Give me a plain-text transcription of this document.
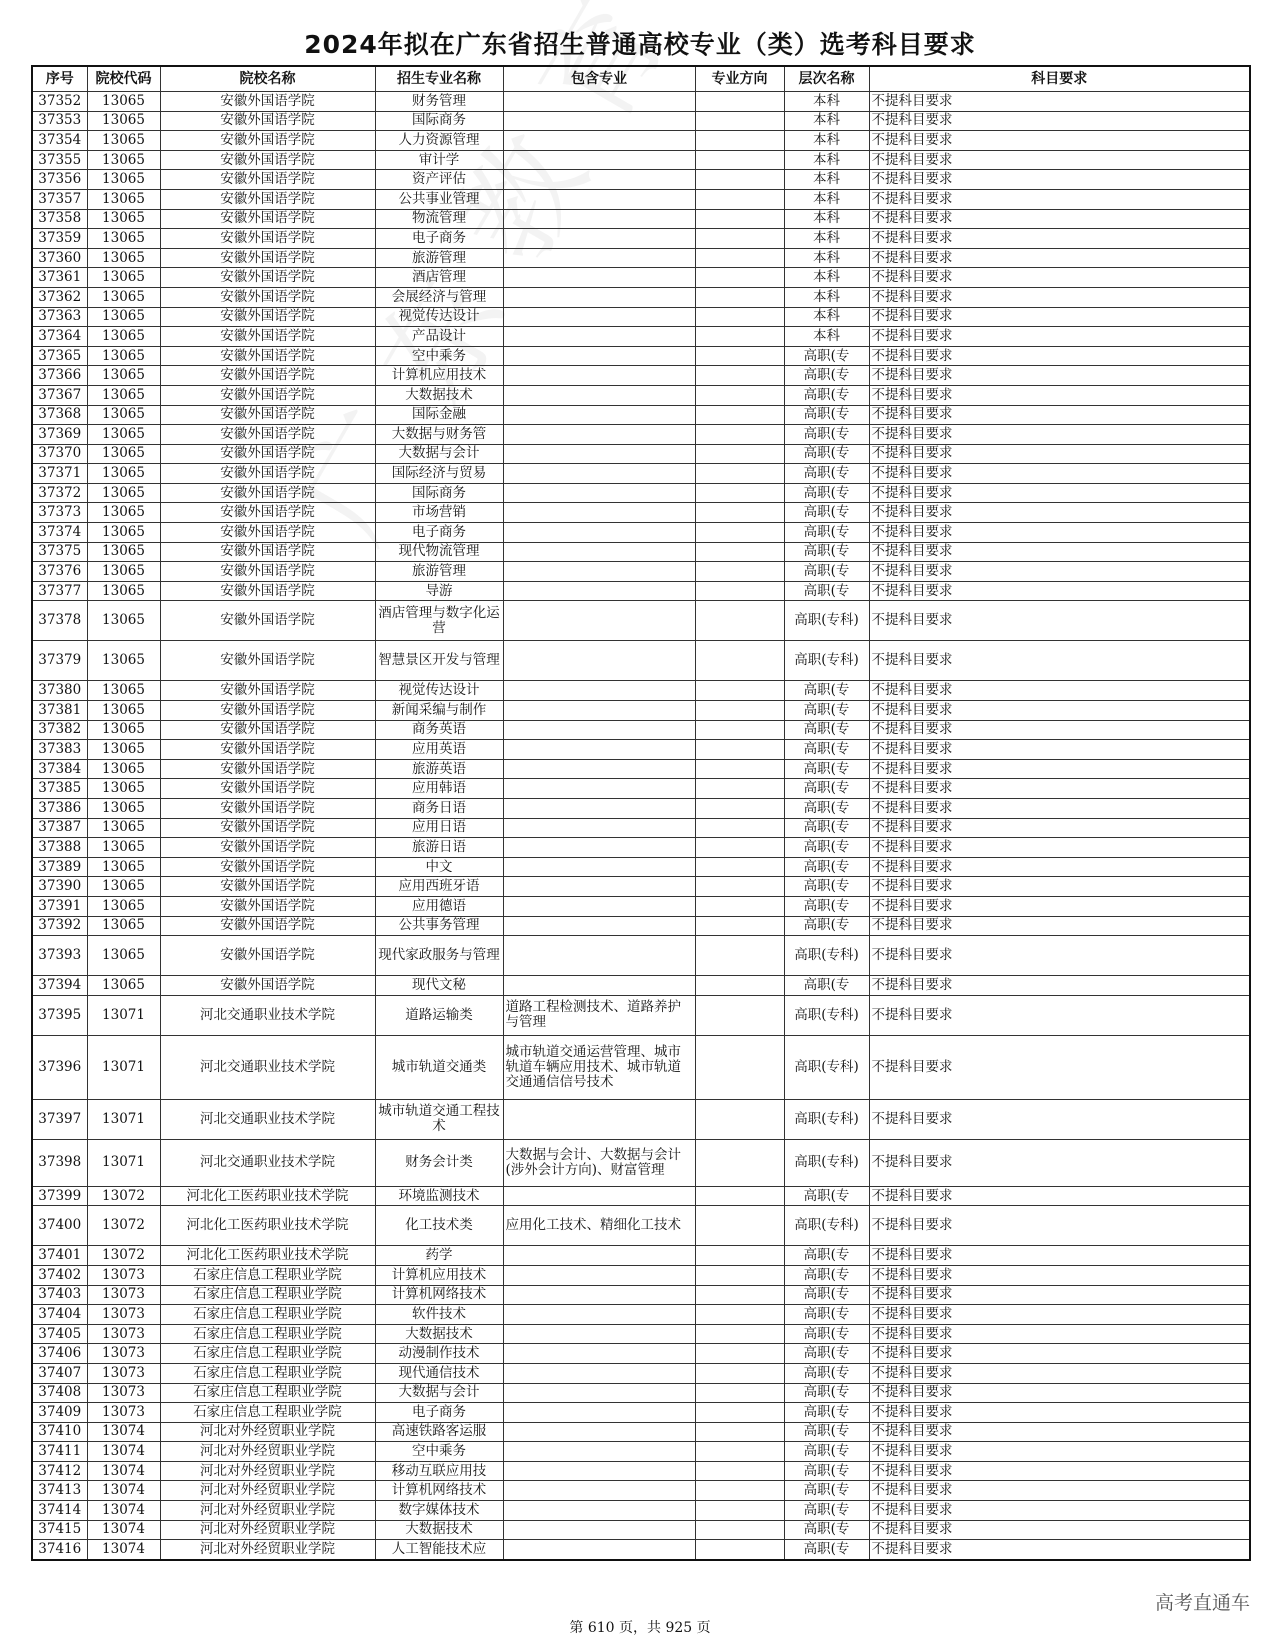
2024年拟在广东省招生普通高校专业（类）选考科目要求
序号	院校代码	院校名称	招生专业名称	包含专业	专业方向	层次名称	科目要求
37352	13065	安徽外国语学院	财务管理			本科	不提科目要求
37353	13065	安徽外国语学院	国际商务			本科	不提科目要求
37354	13065	安徽外国语学院	人力资源管理			本科	不提科目要求
37355	13065	安徽外国语学院	审计学			本科	不提科目要求
37356	13065	安徽外国语学院	资产评估			本科	不提科目要求
37357	13065	安徽外国语学院	公共事业管理			本科	不提科目要求
37358	13065	安徽外国语学院	物流管理			本科	不提科目要求
37359	13065	安徽外国语学院	电子商务			本科	不提科目要求
37360	13065	安徽外国语学院	旅游管理			本科	不提科目要求
37361	13065	安徽外国语学院	酒店管理			本科	不提科目要求
37362	13065	安徽外国语学院	会展经济与管理			本科	不提科目要求
37363	13065	安徽外国语学院	视觉传达设计			本科	不提科目要求
37364	13065	安徽外国语学院	产品设计			本科	不提科目要求
37365	13065	安徽外国语学院	空中乘务			高职(专	不提科目要求
37366	13065	安徽外国语学院	计算机应用技术			高职(专	不提科目要求
37367	13065	安徽外国语学院	大数据技术			高职(专	不提科目要求
37368	13065	安徽外国语学院	国际金融			高职(专	不提科目要求
37369	13065	安徽外国语学院	大数据与财务管			高职(专	不提科目要求
37370	13065	安徽外国语学院	大数据与会计			高职(专	不提科目要求
37371	13065	安徽外国语学院	国际经济与贸易			高职(专	不提科目要求
37372	13065	安徽外国语学院	国际商务			高职(专	不提科目要求
37373	13065	安徽外国语学院	市场营销			高职(专	不提科目要求
37374	13065	安徽外国语学院	电子商务			高职(专	不提科目要求
37375	13065	安徽外国语学院	现代物流管理			高职(专	不提科目要求
37376	13065	安徽外国语学院	旅游管理			高职(专	不提科目要求
37377	13065	安徽外国语学院	导游			高职(专	不提科目要求
37378	13065	安徽外国语学院	酒店管理与数字化运营			高职(专科)	不提科目要求
37379	13065	安徽外国语学院	智慧景区开发与管理			高职(专科)	不提科目要求
37380	13065	安徽外国语学院	视觉传达设计			高职(专	不提科目要求
37381	13065	安徽外国语学院	新闻采编与制作			高职(专	不提科目要求
37382	13065	安徽外国语学院	商务英语			高职(专	不提科目要求
37383	13065	安徽外国语学院	应用英语			高职(专	不提科目要求
37384	13065	安徽外国语学院	旅游英语			高职(专	不提科目要求
37385	13065	安徽外国语学院	应用韩语			高职(专	不提科目要求
37386	13065	安徽外国语学院	商务日语			高职(专	不提科目要求
37387	13065	安徽外国语学院	应用日语			高职(专	不提科目要求
37388	13065	安徽外国语学院	旅游日语			高职(专	不提科目要求
37389	13065	安徽外国语学院	中文			高职(专	不提科目要求
37390	13065	安徽外国语学院	应用西班牙语			高职(专	不提科目要求
37391	13065	安徽外国语学院	应用德语			高职(专	不提科目要求
37392	13065	安徽外国语学院	公共事务管理			高职(专	不提科目要求
37393	13065	安徽外国语学院	现代家政服务与管理			高职(专科)	不提科目要求
37394	13065	安徽外国语学院	现代文秘			高职(专	不提科目要求
37395	13071	河北交通职业技术学院	道路运输类	道路工程检测技术、道路养护与管理		高职(专科)	不提科目要求
37396	13071	河北交通职业技术学院	城市轨道交通类	城市轨道交通运营管理、城市轨道车辆应用技术、城市轨道交通通信信号技术		高职(专科)	不提科目要求
37397	13071	河北交通职业技术学院	城市轨道交通工程技术			高职(专科)	不提科目要求
37398	13071	河北交通职业技术学院	财务会计类	大数据与会计、大数据与会计(涉外会计方向)、财富管理		高职(专科)	不提科目要求
37399	13072	河北化工医药职业技术学院	环境监测技术			高职(专	不提科目要求
37400	13072	河北化工医药职业技术学院	化工技术类	应用化工技术、精细化工技术		高职(专科)	不提科目要求
37401	13072	河北化工医药职业技术学院	药学			高职(专	不提科目要求
37402	13073	石家庄信息工程职业学院	计算机应用技术			高职(专	不提科目要求
37403	13073	石家庄信息工程职业学院	计算机网络技术			高职(专	不提科目要求
37404	13073	石家庄信息工程职业学院	软件技术			高职(专	不提科目要求
37405	13073	石家庄信息工程职业学院	大数据技术			高职(专	不提科目要求
37406	13073	石家庄信息工程职业学院	动漫制作技术			高职(专	不提科目要求
37407	13073	石家庄信息工程职业学院	现代通信技术			高职(专	不提科目要求
37408	13073	石家庄信息工程职业学院	大数据与会计			高职(专	不提科目要求
37409	13073	石家庄信息工程职业学院	电子商务			高职(专	不提科目要求
37410	13074	河北对外经贸职业学院	高速铁路客运服			高职(专	不提科目要求
37411	13074	河北对外经贸职业学院	空中乘务			高职(专	不提科目要求
37412	13074	河北对外经贸职业学院	移动互联应用技			高职(专	不提科目要求
37413	13074	河北对外经贸职业学院	计算机网络技术			高职(专	不提科目要求
37414	13074	河北对外经贸职业学院	数字媒体技术			高职(专	不提科目要求
37415	13074	河北对外经贸职业学院	大数据技术			高职(专	不提科目要求
37416	13074	河北对外经贸职业学院	人工智能技术应			高职(专	不提科目要求
第 610 页，共 925 页
高考直通车
